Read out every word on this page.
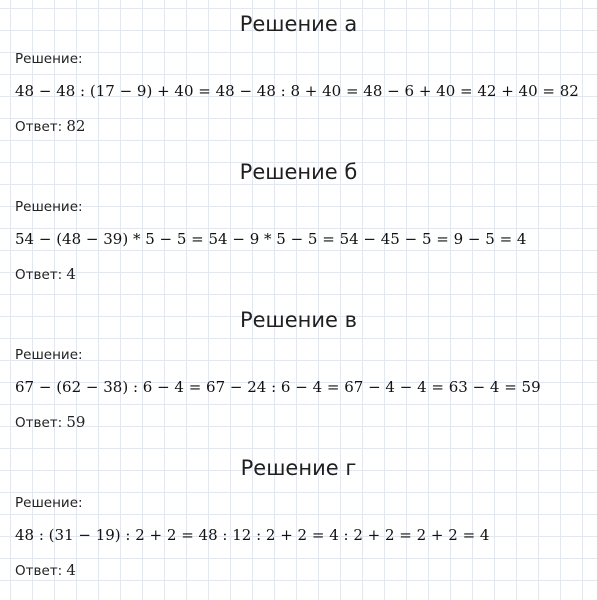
Решение а
Решение:
48 − 48 : (17 − 9) + 40 = 48 − 48 : 8 + 40 = 48 − 6 + 40 = 42 + 40 = 82
Ответ: 82
Решение б
Решение:
54 − (48 − 39) * 5 − 5 = 54 − 9 * 5 − 5 = 54 − 45 − 5 = 9 − 5 = 4
Ответ: 4
Решение в
Решение:
67 − (62 − 38) : 6 − 4 = 67 − 24 : 6 − 4 = 67 − 4 − 4 = 63 − 4 = 59
Ответ: 59
Решение г
Решение:
48 : (31 − 19) : 2 + 2 = 48 : 12 : 2 + 2 = 4 : 2 + 2 = 2 + 2 = 4
Ответ: 4
